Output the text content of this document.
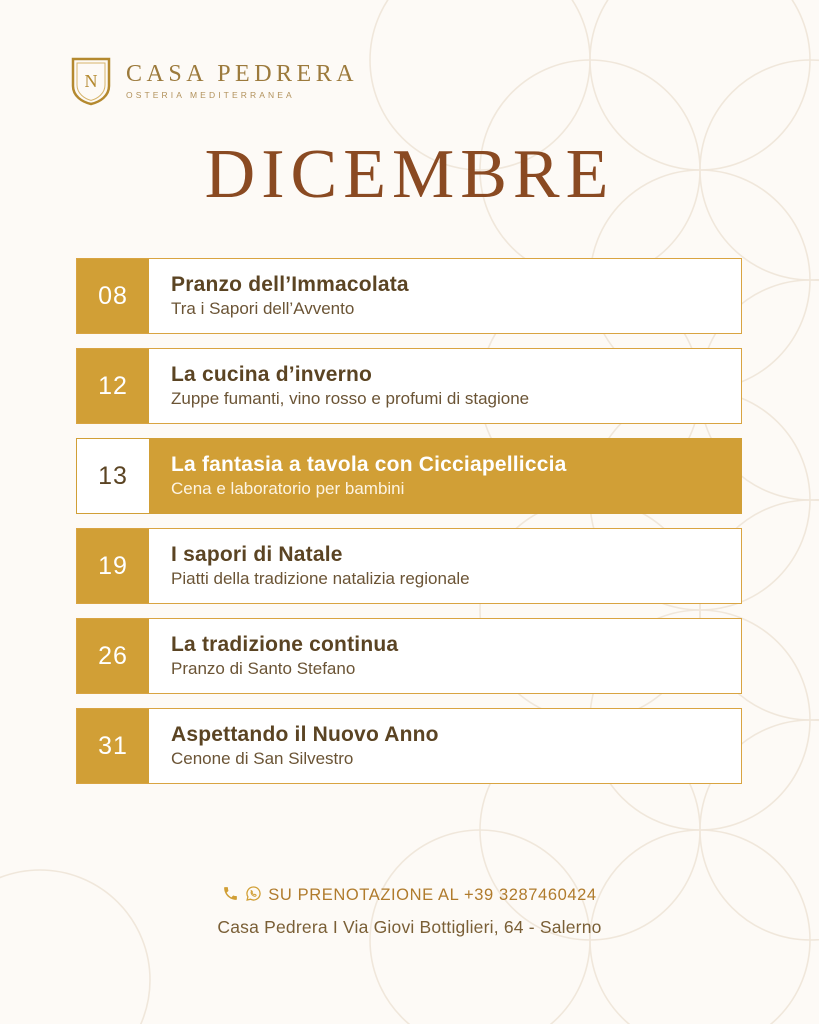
N CASA PEDRERA
OSTERIA MEDITERRANEA
DICEMBRE
08	Pranzo dell’Immacolata
Tra i Sapori dell’Avvento
12	La cucina d’inverno
Zuppe fumanti, vino rosso e profumi di stagione
13	La fantasia a tavola con Cicciapelliccia
Cena e laboratorio per bambini
19	I sapori di Natale
Piatti della tradizione natalizia regionale
26	La tradizione continua
Pranzo di Santo Stefano
31	Aspettando il Nuovo Anno
Cenone di San Silvestro
SU PRENOTAZIONE AL +39 3287460424
Casa Pedrera I Via Giovi Bottiglieri, 64 - Salerno
